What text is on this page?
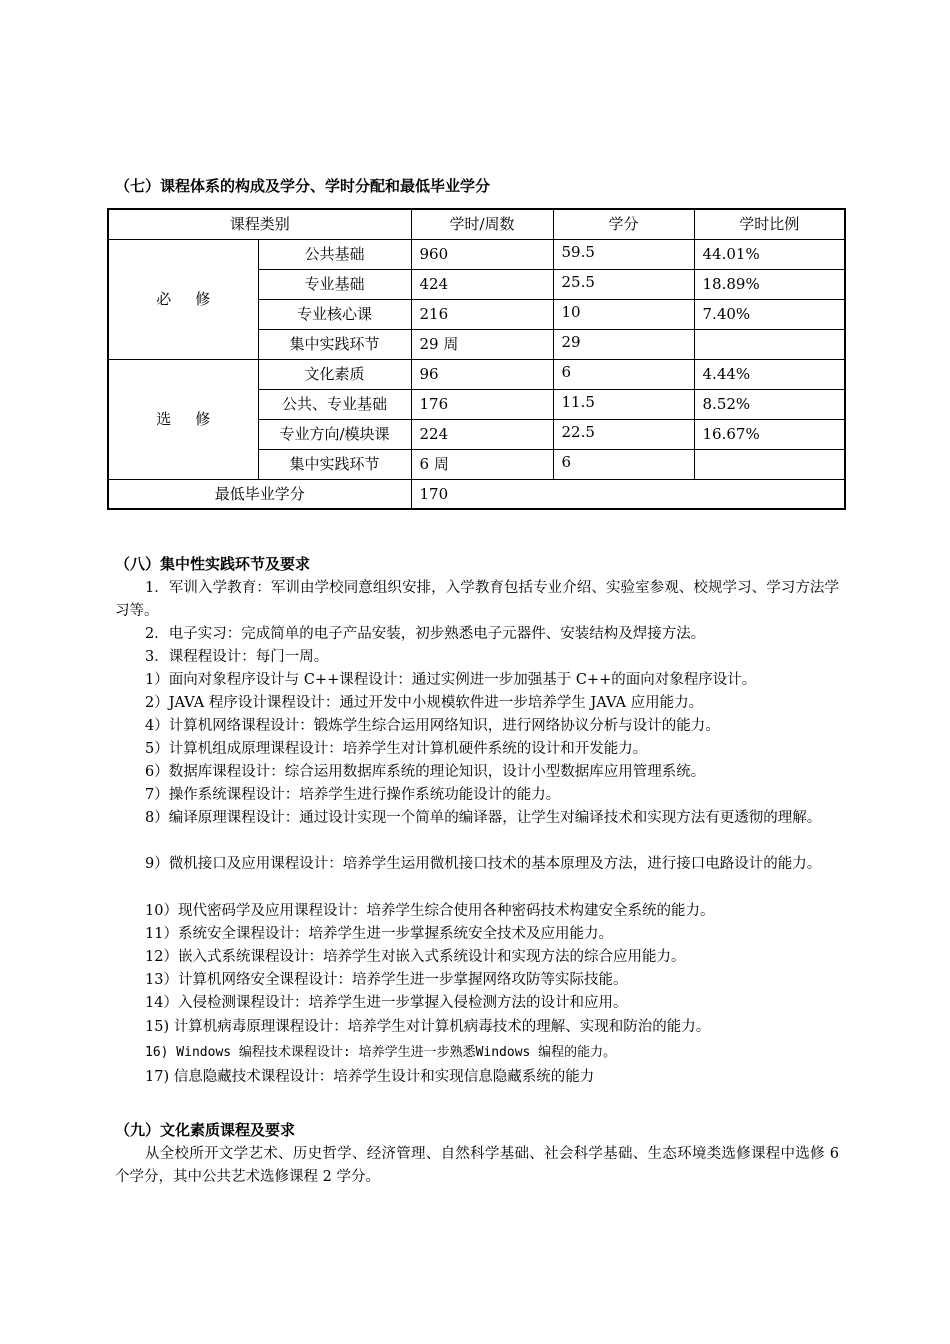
（七）课程体系的构成及学分、学时分配和最低毕业学分
课程类别		学时/周数	学分	学时比例
必 修	公共基础	960	59.5	44.01%
	专业基础	424	25.5	18.89%
	专业核心课	216	10	7.40%
	集中实践环节	29 周	29	
选 修	文化素质	96	6	4.44%
	公共、专业基础	176	11.5	8.52%
	专业方向/模块课	224	22.5	16.67%
	集中实践环节	6 周	6	
最低毕业学分		170		
（八）集中性实践环节及要求
1．军训入学教育：军训由学校同意组织安排，入学教育包括专业介绍、实验室参观、校规学习、学习方法学习等。
2．电子实习：完成简单的电子产品安装，初步熟悉电子元器件、安装结构及焊接方法。
3．课程程设计：每门一周。
1）面向对象程序设计与 C++课程设计：通过实例进一步加强基于 C++的面向对象程序设计。
2）JAVA 程序设计课程设计：通过开发中小规模软件进一步培养学生 JAVA 应用能力。
4）计算机网络课程设计：锻炼学生综合运用网络知识，进行网络协议分析与设计的能力。
5）计算机组成原理课程设计：培养学生对计算机硬件系统的设计和开发能力。
6）数据库课程设计：综合运用数据库系统的理论知识，设计小型数据库应用管理系统。
7）操作系统课程设计：培养学生进行操作系统功能设计的能力。
8）编译原理课程设计：通过设计实现一个简单的编译器，让学生对编译技术和实现方法有更透彻的理解。
9）微机接口及应用课程设计：培养学生运用微机接口技术的基本原理及方法，进行接口电路设计的能力。
10）现代密码学及应用课程设计：培养学生综合使用各种密码技术构建安全系统的能力。
11）系统安全课程设计：培养学生进一步掌握系统安全技术及应用能力。
12）嵌入式系统课程设计：培养学生对嵌入式系统设计和实现方法的综合应用能力。
13）计算机网络安全课程设计：培养学生进一步掌握网络攻防等实际技能。
14）入侵检测课程设计：培养学生进一步掌握入侵检测方法的设计和应用。
15) 计算机病毒原理课程设计：培养学生对计算机病毒技术的理解、实现和防治的能力。
16) Windows 编程技术课程设计: 培养学生进一步熟悉Windows 编程的能力。
17) 信息隐藏技术课程设计：培养学生设计和实现信息隐藏系统的能力
（九）文化素质课程及要求
从全校所开文学艺术、历史哲学、经济管理、自然科学基础、社会科学基础、生态环境类选修课程中选修 6 个学分，其中公共艺术选修课程 2 学分。
